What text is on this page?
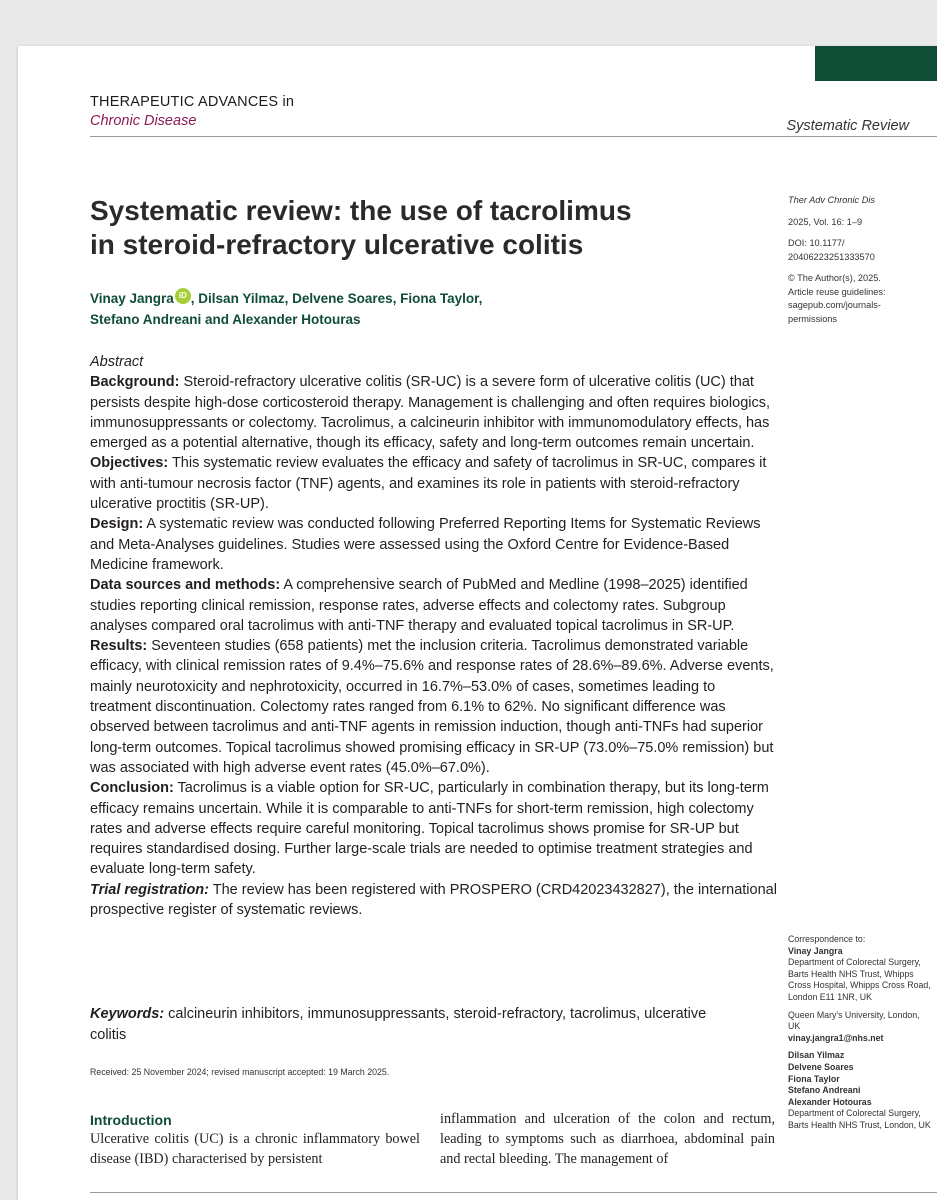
THERAPEUTIC ADVANCES in
Chronic Disease	Systematic Review
Systematic review: the use of tacrolimus
in steroid-refractory ulcerative colitis
Vinay Jangra iD , Dilsan Yilmaz, Delvene Soares, Fiona Taylor,
Stefano Andreani and Alexander Hotouras
Ther Adv Chronic Dis
2025, Vol. 16: 1–9
DOI: 10.1177/
20406223251333570
© The Author(s), 2025.
Article reuse guidelines:
sagepub.com/journals-
permissions

Abstract

Background: Steroid-refractory ulcerative colitis (SR-UC) is a severe form of ulcerative colitis (UC) that persists despite high-dose corticosteroid therapy. Management is challenging and often requires biologics, immunosuppressants or colectomy. Tacrolimus, a calcineurin inhibitor with immunomodulatory effects, has emerged as a potential alternative, though its efficacy, safety and long-term outcomes remain uncertain.

Objectives: This systematic review evaluates the efficacy and safety of tacrolimus in SR-UC, compares it with anti-tumour necrosis factor (TNF) agents, and examines its role in patients with steroid-refractory ulcerative proctitis (SR-UP).

Design: A systematic review was conducted following Preferred Reporting Items for Systematic Reviews and Meta-Analyses guidelines. Studies were assessed using the Oxford Centre for Evidence-Based Medicine framework.

Data sources and methods: A comprehensive search of PubMed and Medline (1998–2025) identified studies reporting clinical remission, response rates, adverse effects and colectomy rates. Subgroup analyses compared oral tacrolimus with anti-TNF therapy and evaluated topical tacrolimus in SR-UP.

Results: Seventeen studies (658 patients) met the inclusion criteria. Tacrolimus demonstrated variable efficacy, with clinical remission rates of 9.4%–75.6% and response rates of 28.6%–89.6%. Adverse events, mainly neurotoxicity and nephrotoxicity, occurred in 16.7%–53.0% of cases, sometimes leading to treatment discontinuation. Colectomy rates ranged from 6.1% to 62%. No significant difference was observed between tacrolimus and anti-TNF agents in remission induction, though anti-TNFs had superior long-term outcomes. Topical tacrolimus showed promising efficacy in SR-UP (73.0%–75.0% remission) but was associated with high adverse event rates (45.0%–67.0%).

Conclusion: Tacrolimus is a viable option for SR-UC, particularly in combination therapy, but its long-term efficacy remains uncertain. While it is comparable to anti-TNFs for short-term remission, high colectomy rates and adverse effects require careful monitoring. Topical tacrolimus shows promise for SR-UP but requires standardised dosing. Further large-scale trials are needed to optimise treatment strategies and evaluate long-term safety.

Trial registration: The review has been registered with PROSPERO (CRD42023432827), the international prospective register of systematic reviews.

Keywords: calcineurin inhibitors, immunosuppressants, steroid-refractory, tacrolimus, ulcerative colitis
Received: 25 November 2024; revised manuscript accepted: 19 March 2025.
Introduction
Ulcerative colitis (UC) is a chronic inflammatory bowel disease (IBD) characterised by persistent
inflammation and ulceration of the colon and rectum, leading to symptoms such as diarrhoea, abdominal pain and rectal bleeding. The management of
Correspondence to:
Vinay Jangra
Department of Colorectal Surgery, Barts Health NHS Trust, Whipps Cross Hospital, Whipps Cross Road, London E11 1NR, UK
Queen Mary's University, London, UK
vinay.jangra1@nhs.net
Dilsan Yilmaz
Delvene Soares
Fiona Taylor
Stefano Andreani
Alexander Hotouras
Department of Colorectal Surgery, Barts Health NHS Trust, London, UK
